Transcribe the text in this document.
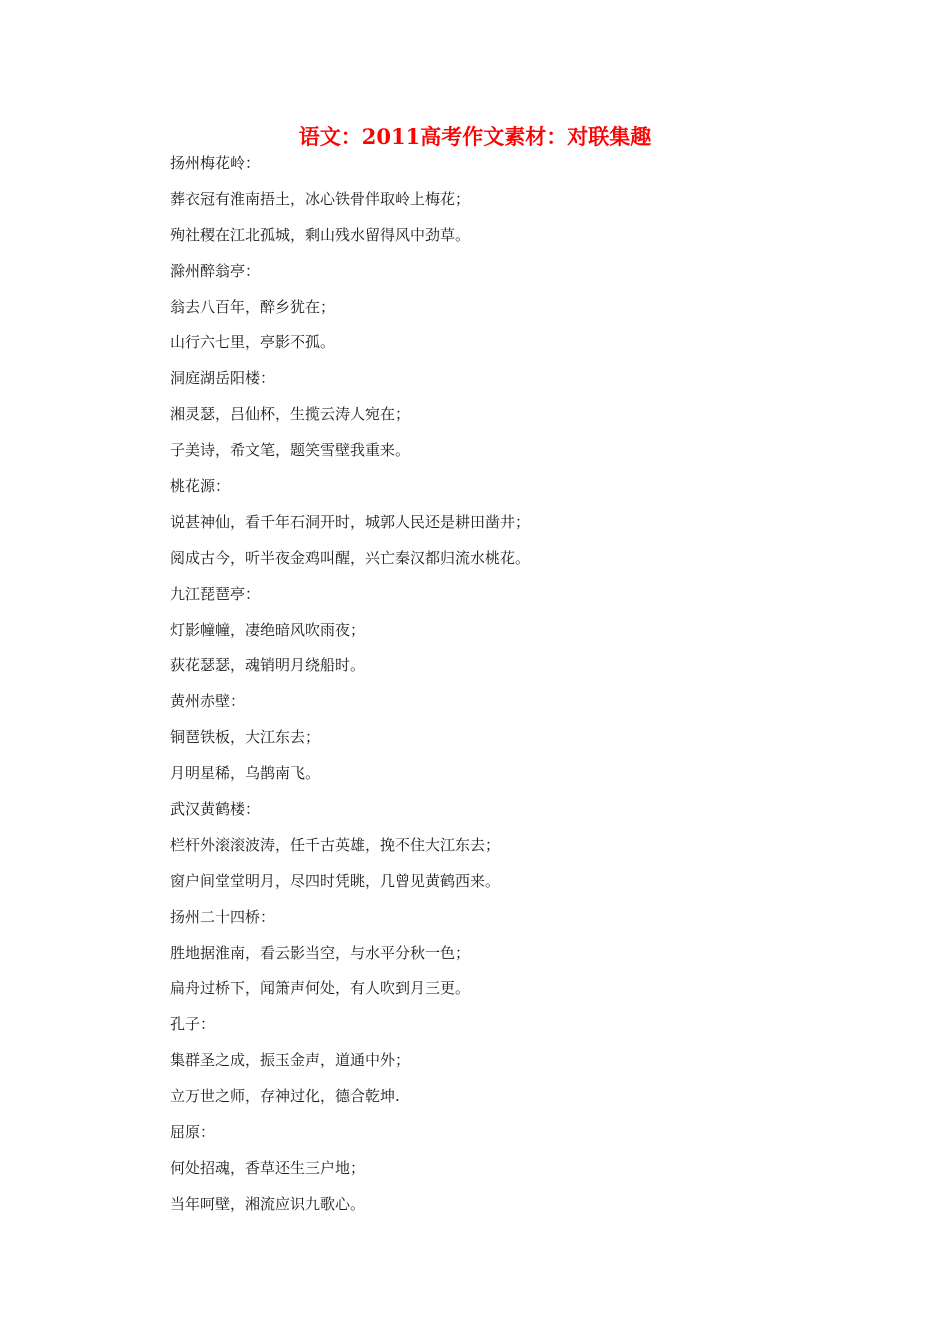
语文：2011高考作文素材：对联集趣
扬州梅花岭：
葬衣冠有淮南捂土，冰心铁骨伴取岭上梅花；
殉社稷在江北孤城，剩山残水留得风中劲草。
滁州醉翁亭：
翁去八百年，醉乡犹在；
山行六七里，亭影不孤。
洞庭湖岳阳楼：
湘灵瑟，吕仙杯，生揽云涛人宛在；
子美诗，希文笔，题笑雪壁我重来。
桃花源：
说甚神仙，看千年石洞开时，城郭人民还是耕田凿井；
阅成古今，听半夜金鸡叫醒，兴亡秦汉都归流水桃花。
九江琵琶亭：
灯影幢幢，凄绝暗风吹雨夜；
荻花瑟瑟，魂销明月绕船时。
黄州赤壁：
铜琶铁板，大江东去；
月明星稀，乌鹊南飞。
武汉黄鹤楼：
栏杆外滚滚波涛，任千古英雄，挽不住大江东去；
窗户间堂堂明月，尽四时凭眺，几曾见黄鹤西来。
扬州二十四桥：
胜地据淮南，看云影当空，与水平分秋一色；
扁舟过桥下，闻箫声何处，有人吹到月三更。
孔子：
集群圣之成，振玉金声，道通中外；
立万世之师，存神过化，德合乾坤.
屈原：
何处招魂，香草还生三户地；
当年呵壁，湘流应识九歌心。
